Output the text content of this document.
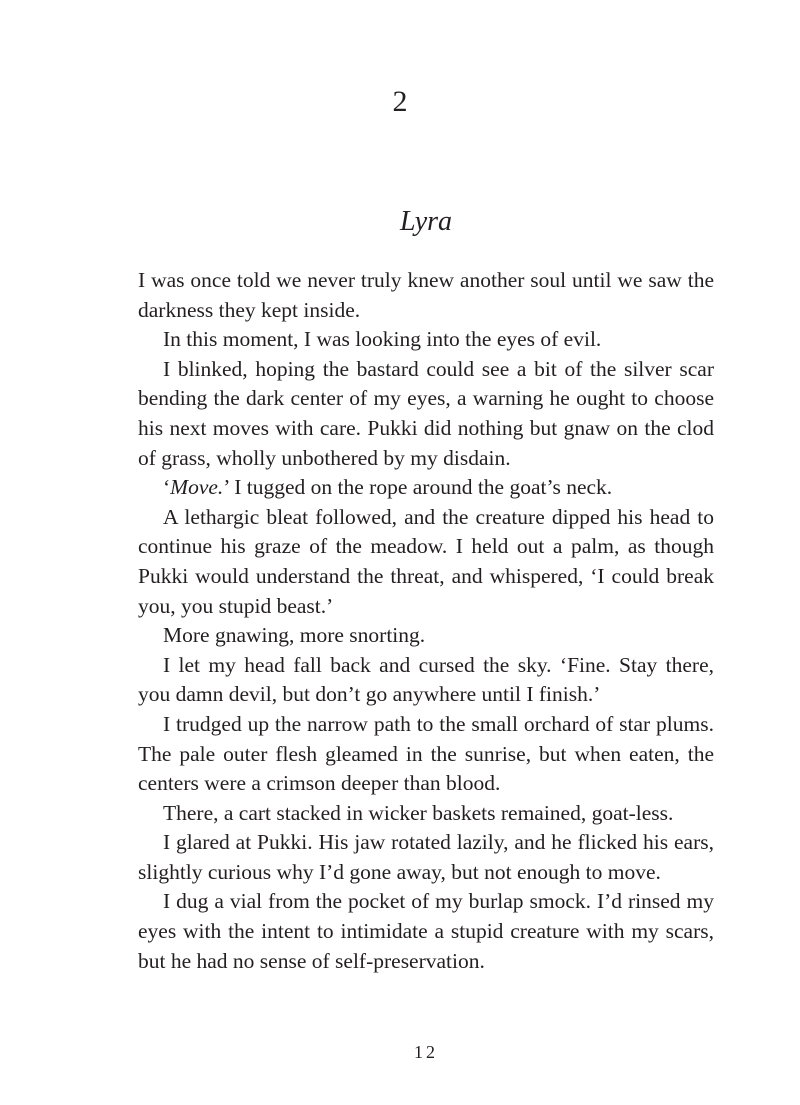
2
Lyra

I was once told we never truly knew another soul until we saw the darkness they kept inside.

In this moment, I was looking into the eyes of evil.

I blinked, hoping the bastard could see a bit of the silver scar bending the dark center of my eyes, a warning he ought to choose his next moves with care. Pukki did nothing but gnaw on the clod of grass, wholly unbothered by my disdain.

‘Move.’ I tugged on the rope around the goat’s neck.

A lethargic bleat followed, and the creature dipped his head to continue his graze of the meadow. I held out a palm, as though Pukki would understand the threat, and whispered, ‘I could break you, you stupid beast.’

More gnawing, more snorting.

I let my head fall back and cursed the sky. ‘Fine. Stay there, you damn devil, but don’t go anywhere until I finish.’

I trudged up the narrow path to the small orchard of star plums. The pale outer flesh gleamed in the sunrise, but when eaten, the centers were a crimson deeper than blood.

There, a cart stacked in wicker baskets remained, goat-less.

I glared at Pukki. His jaw rotated lazily, and he flicked his ears, slightly curious why I’d gone away, but not enough to move.

I dug a vial from the pocket of my burlap smock. I’d rinsed my eyes with the intent to intimidate a stupid creature with my scars, but he had no sense of self-preservation.

12
